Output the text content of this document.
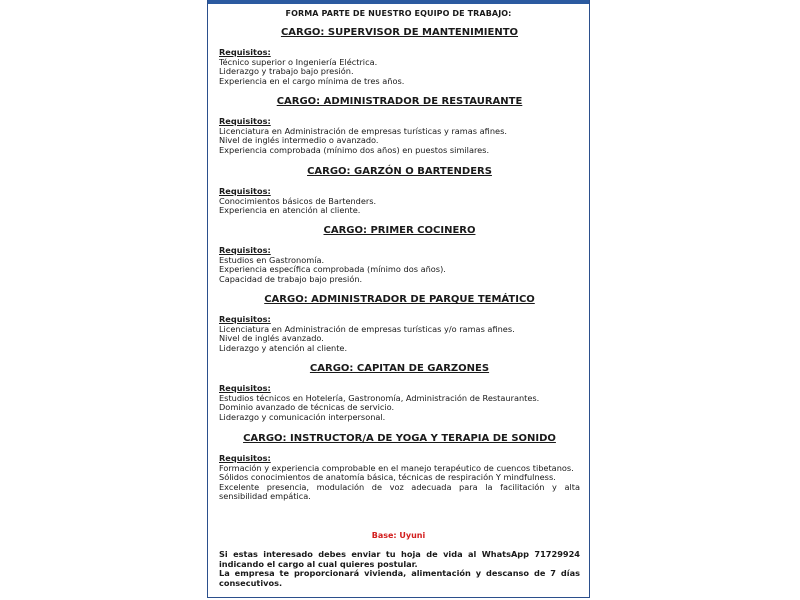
FORMA PARTE DE NUESTRO EQUIPO DE TRABAJO:
CARGO: SUPERVISOR DE MANTENIMIENTO
Requisitos:
Técnico superior o Ingeniería Eléctrica.
Liderazgo y trabajo bajo presión.
Experiencia en el cargo mínima de tres años.
CARGO: ADMINISTRADOR DE RESTAURANTE
Requisitos:
Licenciatura en Administración de empresas turísticas y ramas afines.
Nivel de inglés intermedio o avanzado.
Experiencia comprobada (mínimo dos años) en puestos similares.
CARGO: GARZÓN O BARTENDERS
Requisitos:
Conocimientos básicos de Bartenders.
Experiencia en atención al cliente.
CARGO: PRIMER COCINERO
Requisitos:
Estudios en Gastronomía.
Experiencia específica comprobada (mínimo dos años).
Capacidad de trabajo bajo presión.
CARGO: ADMINISTRADOR DE PARQUE TEMÁTICO
Requisitos:
Licenciatura en Administración de empresas turísticas y/o ramas afines.
Nivel de inglés avanzado.
Liderazgo y atención al cliente.
CARGO: CAPITAN DE GARZONES
Requisitos:
Estudios técnicos en Hotelería, Gastronomía, Administración de Restaurantes.
Dominio avanzado de técnicas de servicio.
Liderazgo y comunicación interpersonal.
CARGO: INSTRUCTOR/A DE YOGA Y TERAPIA DE SONIDO
Requisitos:
Formación y experiencia comprobable en el manejo terapéutico de cuencos tibetanos.
Sólidos conocimientos de anatomía básica, técnicas de respiración Y mindfulness.
Excelente presencia, modulación de voz adecuada para la facilitación y alta sensibilidad empática.
Base: Uyuni

Si estas interesado debes enviar tu hoja de vida al WhatsApp 71729924 indicando el cargo al cual quieres postular.

La empresa te proporcionará vivienda, alimentación y descanso de 7 días consecutivos.
